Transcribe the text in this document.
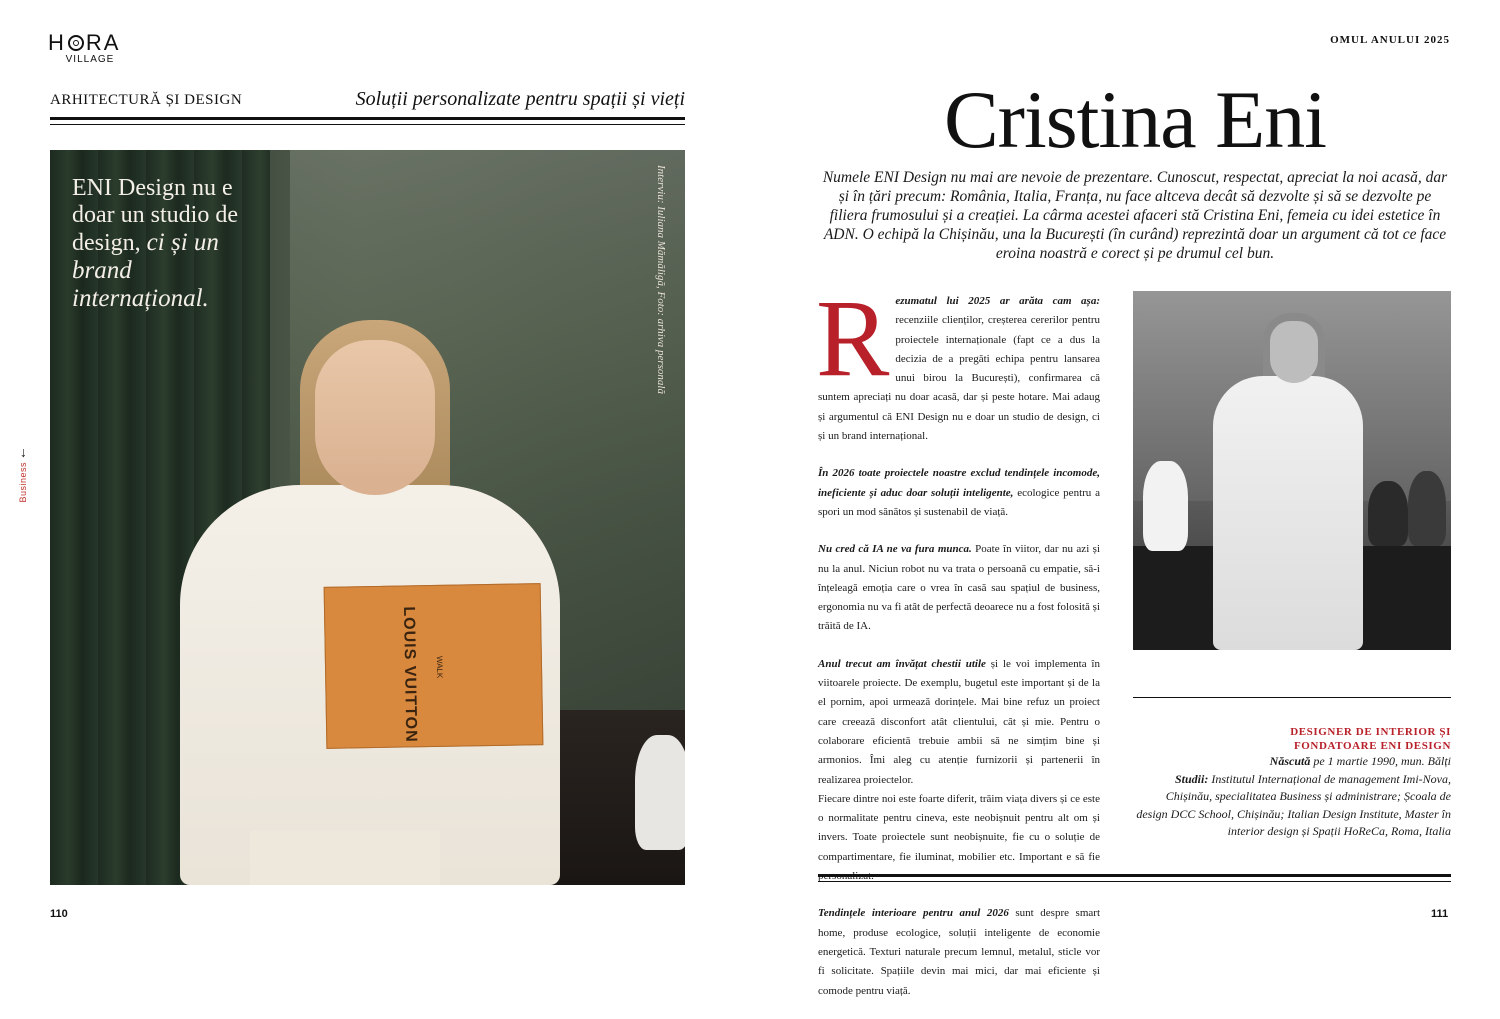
H RA
VILLAGE
ARHITECTURĂ ȘI DESIGN	Soluții personalizate pentru spații și vieți
LOUIS VUITTON WALK
ENI Design nu e doar un studio de design, ci și un brand internațional.	Interviu: Iuliana Mămăligă, Foto: arhiva personală
Business
→
110
OMUL ANULUI 2025
Cristina Eni
Numele ENI Design nu mai are nevoie de prezentare. Cunoscut, respectat, apreciat la noi acasă, dar și în țări precum: România, Italia, Franța, nu face altceva decât să dezvolte și să se dezvolte pe filiera frumosului și a creației. La cârma acestei afaceri stă Cristina Eni, femeia cu idei estetice în ADN. O echipă la Chișinău, una la București (în curând) reprezintă doar un argument că tot ce face eroina noastră e corect și pe drumul cel bun.

Rezumatul lui 2025 ar arăta cam așa: recenziile clienților, creșterea cererilor pentru proiectele internaționale (fapt ce a dus la decizia de a pregăti echipa pentru lansarea unui birou la București), confirmarea că suntem apreciați nu doar acasă, dar și peste hotare. Mai adaug și argumentul că ENI Design nu e doar un studio de design, ci și un brand internațional.

În 2026 toate proiectele noastre exclud tendințele incomode, ineficiente și aduc doar soluții inteligente, ecologice pentru a spori un mod sănătos și sustenabil de viață.

Nu cred că IA ne va fura munca. Poate în viitor, dar nu azi și nu la anul. Niciun robot nu va trata o persoană cu empatie, să-i înțeleagă emoția care o vrea în casă sau spațiul de business, ergonomia nu va fi atât de perfectă deoarece nu a fost folosită și trăită de IA.

Anul trecut am învățat chestii utile și le voi implementa în viitoarele proiecte. De exemplu, bugetul este important și de la el pornim, apoi urmează dorințele. Mai bine refuz un proiect care creează disconfort atât clientului, cât și mie. Pentru o colaborare eficientă trebuie ambii să ne simțim bine și armonios. Îmi aleg cu atenție furnizorii și partenerii în realizarea proiectelor.

Fiecare dintre noi este foarte diferit, trăim viața divers și ce este o normalitate pentru cineva, este neobișnuit pentru alt om și invers. Toate proiectele sunt neobișnuite, fie cu o soluție de compartimentare, fie iluminat, mobilier etc. Important e să fie

Tendințele interioare pentru anul 2026 sunt despre smart home, produse ecologice, soluții inteligente de economie energetică. Texturi naturale precum lemnul, metalul, sticle vor fi solicitate. Spațiile devin mai mici, dar mai eficiente și comode pentru viață.

DESIGNER DE INTERIOR ȘI
FONDATOARE ENI DESIGN
Născută pe 1 martie 1990, mun. Bălți
Studii: Institutul Internațional de management Imi-Nova, Chișinău, specialitatea Business și administrare; Școala de design DCC School, Chișinău; Italian Design Institute, Master în interior design și Spații HoReCa, Roma, Italia
111
